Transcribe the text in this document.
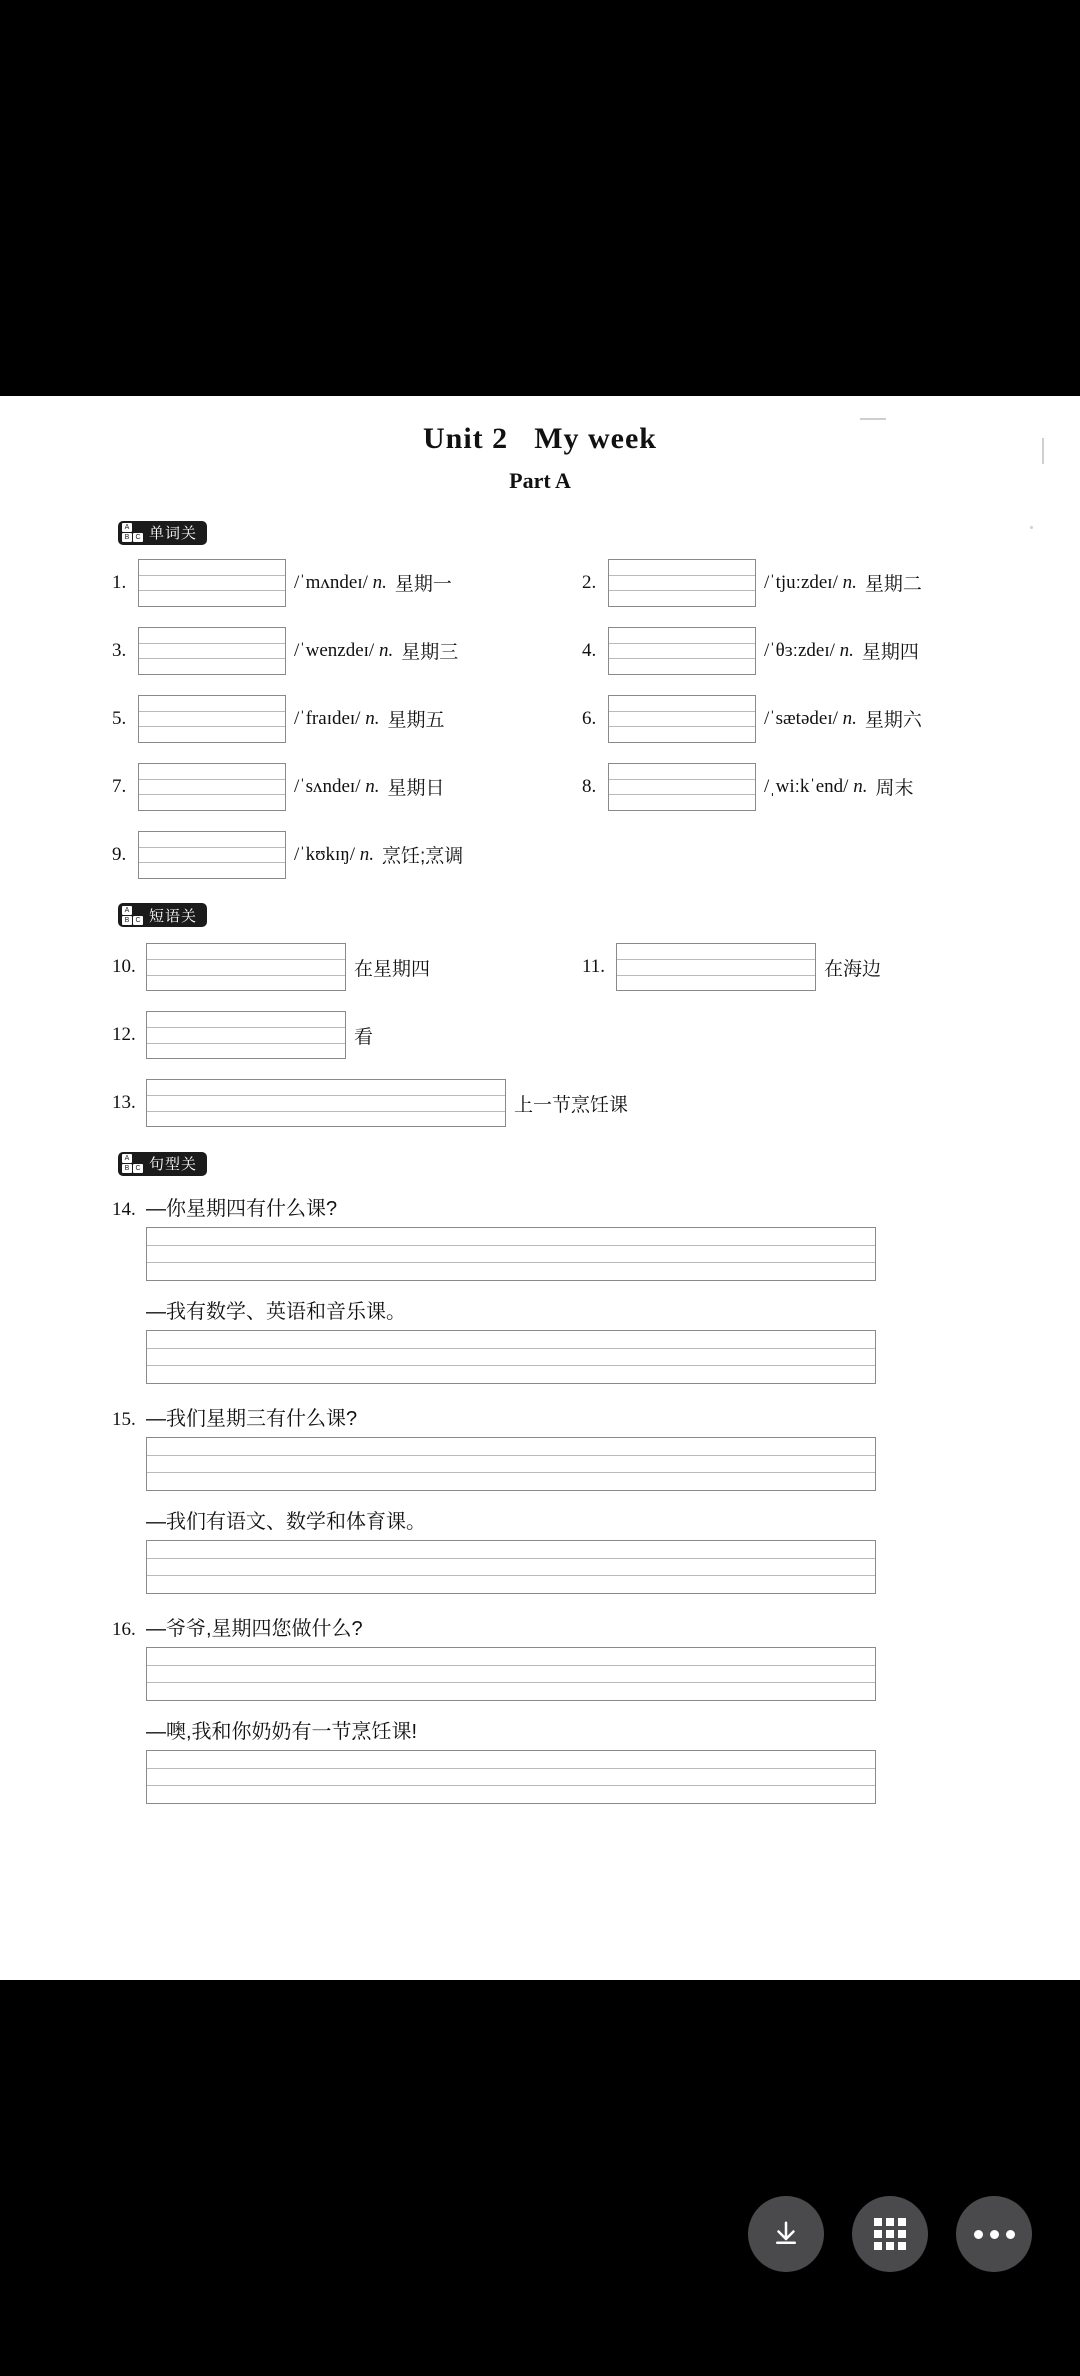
Unit 2 My week
Part A
A
B C 单词关
1.	/ˈmʌndeɪ/ n. 星期一	2.	/ˈtjuːzdeɪ/ n. 星期二
3.	/ˈwenzdeɪ/ n. 星期三	4.	/ˈθɜːzdeɪ/ n. 星期四
5.	/ˈfraɪdeɪ/ n. 星期五	6.	/ˈsætədeɪ/ n. 星期六
7.	/ˈsʌndeɪ/ n. 星期日	8.	/ˌwiːkˈend/ n. 周末
9.	/ˈkʊkɪŋ/ n. 烹饪;烹调
A
B C 短语关
10.	在星期四	11.	在海边
12.	看
13.	上一节烹饪课
A
B C 句型关

14. —你星期四有什么课?

—我有数学、英语和音乐课。

15. —我们星期三有什么课?

—我们有语文、数学和体育课。

16. —爷爷,星期四您做什么?

—噢,我和你奶奶有一节烹饪课!
